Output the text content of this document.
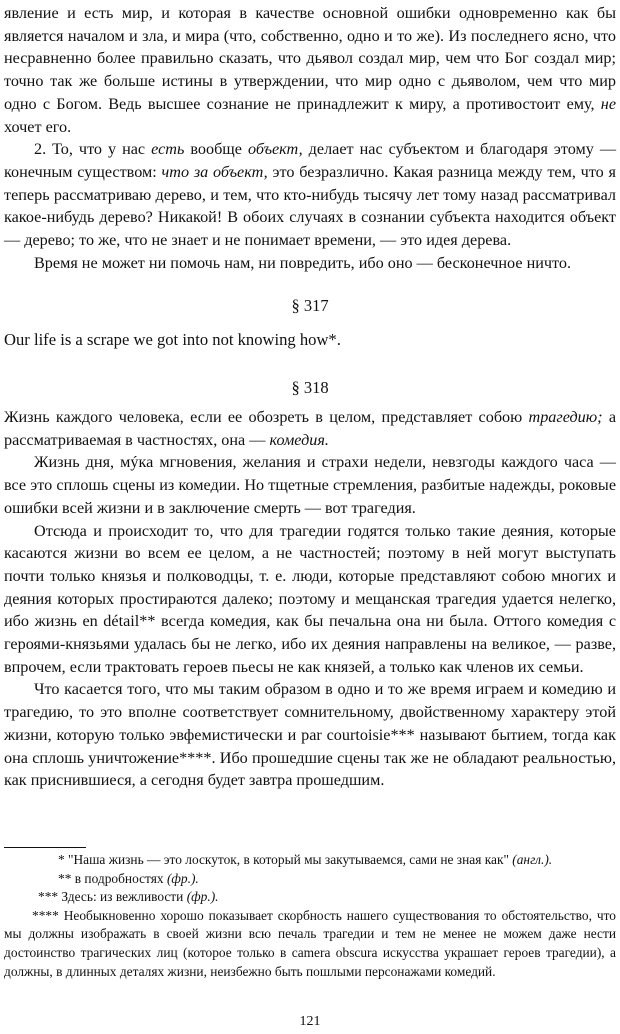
явление и есть мир, и которая в качестве основной ошибки одновременно как бы является началом и зла, и мира (что, собственно, одно и то же). Из последнего ясно, что несравненно более правильно сказать, что дьявол создал мир, чем что Бог создал мир; точно так же больше истины в утверждении, что мир одно с дьяволом, чем что мир одно с Богом. Ведь высшее сознание не принадлежит к миру, а противостоит ему, не хочет его.

2. То, что у нас есть вообще объект, делает нас субъектом и благодаря этому — конечным существом: что за объект, это безразлично. Какая разница между тем, что я теперь рассматриваю дерево, и тем, что кто-нибудь тысячу лет тому назад рассматривал какое-нибудь дерево? Никакой! В обоих случаях в сознании субъекта находится объект — дерево; то же, что не знает и не понимает времени, — это идея дерева.

Время не может ни помочь нам, ни повредить, ибо оно — бесконечное ничто.

§ 317
Our life is a scrape we got into not knowing how*.
§ 318

Жизнь каждого человека, если ее обозреть в целом, представляет собою трагедию; а рассматриваемая в частностях, она — комедия.

Жизнь дня, мýка мгновения, желания и страхи недели, невзгоды каждого часа — все это сплошь сцены из комедии. Но тщетные стремления, разбитые надежды, роковые ошибки всей жизни и в заключение смерть — вот трагедия.

Отсюда и происходит то, что для трагедии годятся только такие деяния, которые касаются жизни во всем ее целом, а не частностей; поэтому в ней могут выступать почти только князья и полководцы, т. е. люди, которые представляют собою многих и деяния которых простираются далеко; поэтому и мещанская трагедия удается нелегко, ибо жизнь en détail** всегда комедия, как бы печальна она ни была. Оттого комедия с героями-князьями удалась бы не легко, ибо их деяния направлены на великое, — разве, впрочем, если трактовать героев пьесы не как князей, а только как членов их семьи.

Что касается того, что мы таким образом в одно и то же время играем и комедию и трагедию, то это вполне соответствует сомнительному, двойственному характеру этой жизни, которую только эвфемистически и par courtoisie*** называют бытием, тогда как она сплошь уничтожение****. Ибо прошедшие сцены так же не обладают реальностью, как приснившиеся, а сегодня будет завтра прошедшим.

* "Наша жизнь — это лоскуток, в который мы закутываемся, сами не зная как" (англ.).

** в подробностях (фр.).

*** Здесь: из вежливости (фр.).

**** Необыкновенно хорошо показывает скорбность нашего существования то обстоятельство, что мы должны изображать в своей жизни всю печаль трагедии и тем не менее не можем даже нести достоинство трагических лиц (которое только в camera obscura искусства украшает героев трагедии), а должны, в длинных деталях жизни, неизбежно быть пошлыми персонажами комедий.

121
